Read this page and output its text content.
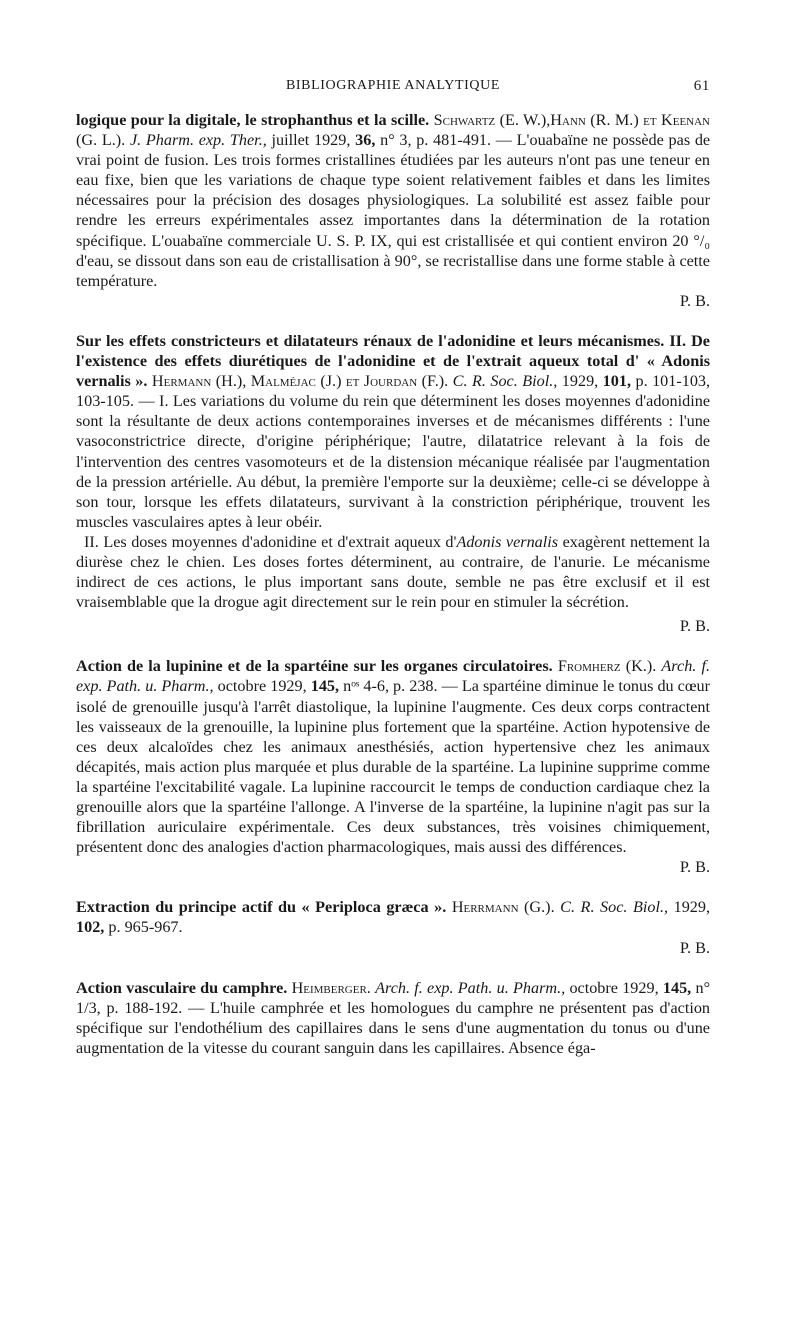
BIBLIOGRAPHIE ANALYTIQUE	61

logique pour la digitale, le strophanthus et la scille. Schwartz (E. W.),Hann (R. M.) et Keenan (G. L.). J. Pharm. exp. Ther., juillet 1929, 36, n° 3, p. 481-491. — L'ouabaïne ne possède pas de vrai point de fusion. Les trois formes cristallines étudiées par les auteurs n'ont pas une teneur en eau fixe, bien que les variations de chaque type soient relativement faibles et dans les limites nécessaires pour la précision des dosages physiologiques. La solubilité est assez faible pour rendre les erreurs expérimentales assez importantes dans la détermination de la rotation spécifique. L'ouabaïne commerciale U. S. P. IX, qui est cristallisée et qui contient environ 20 °/₀ d'eau, se dissout dans son eau de cristallisation à 90°, se recristallise dans une forme stable à cette température.

P. B.

Sur les effets constricteurs et dilatateurs rénaux de l'adonidine et leurs mécanismes. II. De l'existence des effets diurétiques de l'adonidine et de l'extrait aqueux total d' « Adonis vernalis ». Hermann (H.), Malméjac (J.) et Jourdan (F.). C. R. Soc. Biol., 1929, 101, p. 101-103, 103-105. — I. Les variations du volume du rein que déterminent les doses moyennes d'adonidine sont la résultante de deux actions contemporaines inverses et de mécanismes différents : l'une vasoconstrictrice directe, d'origine périphérique; l'autre, dilatatrice relevant à la fois de l'intervention des centres vasomoteurs et de la distension mécanique réalisée par l'augmentation de la pression artérielle. Au début, la première l'emporte sur la deuxième; celle-ci se développe à son tour, lorsque les effets dilatateurs, survivant à la constriction périphérique, trouvent les muscles vasculaires aptes à leur obéir.

II. Les doses moyennes d'adonidine et d'extrait aqueux d'Adonis vernalis exagèrent nettement la diurèse chez le chien. Les doses fortes déterminent, au contraire, de l'anurie. Le mécanisme indirect de ces actions, le plus important sans doute, semble ne pas être exclusif et il est vraisemblable que la drogue agit directement sur le rein pour en stimuler la sécrétion.

P. B.

Action de la lupinine et de la spartéine sur les organes circulatoires. Fromherz (K.). Arch. f. exp. Path. u. Pharm., octobre 1929, 145, nᵒˢ 4-6, p. 238. — La spartéine diminue le tonus du cœur isolé de grenouille jusqu'à l'arrêt diastolique, la lupinine l'augmente. Ces deux corps contractent les vaisseaux de la grenouille, la lupinine plus fortement que la spartéine. Action hypotensive de ces deux alcaloïdes chez les animaux anesthésiés, action hypertensive chez les animaux décapités, mais action plus marquée et plus durable de la spartéine. La lupinine supprime comme la spartéine l'excitabilité vagale. La lupinine raccourcit le temps de conduction cardiaque chez la grenouille alors que la spartéine l'allonge. A l'inverse de la spartéine, la lupinine n'agit pas sur la fibrillation auriculaire expérimentale. Ces deux substances, très voisines chimiquement, présentent donc des analogies d'action pharmacologiques, mais aussi des différences.

P. B.

Extraction du principe actif du « Periploca græca ». Herrmann (G.). C. R. Soc. Biol., 1929, 102, p. 965-967.

P. B.

Action vasculaire du camphre. Heimberger. Arch. f. exp. Path. u. Pharm., octobre 1929, 145, n° 1/3, p. 188-192. — L'huile camphrée et les homologues du camphre ne présentent pas d'action spécifique sur l'endothélium des capillaires dans le sens d'une augmentation du tonus ou d'une augmentation de la vitesse du courant sanguin dans les capillaires. Absence éga-
